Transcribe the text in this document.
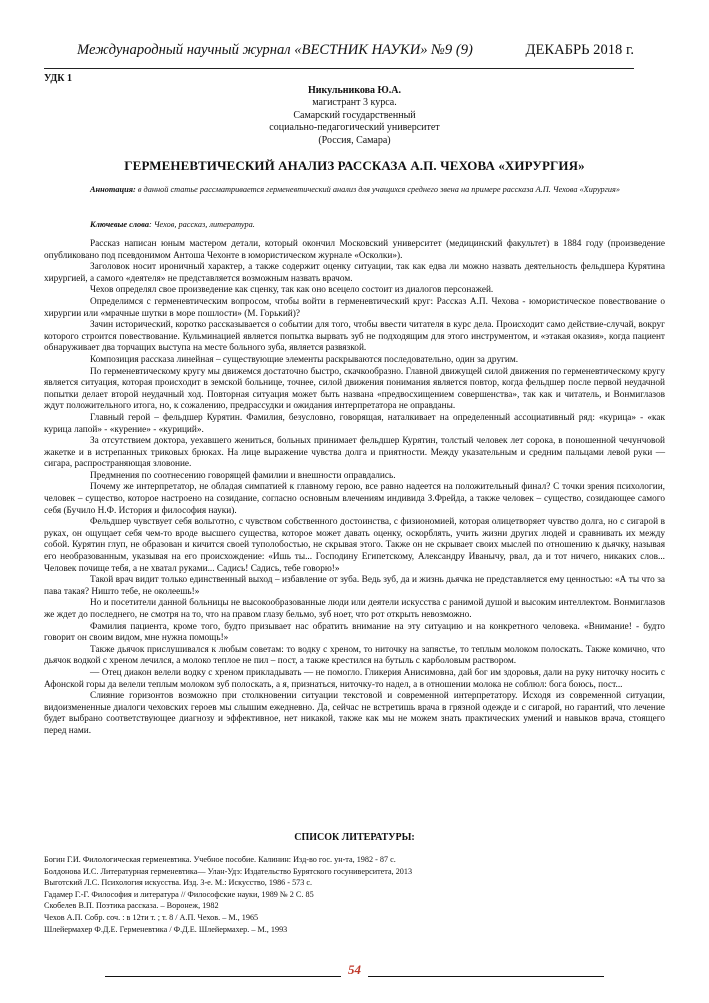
Международный научный журнал «ВЕСТНИК НАУКИ» №9 (9)	ДЕКАБРЬ 2018 г.
УДК 1
Никульникова Ю.А.
магистрант 3 курса.
Самарский государственный
социально-педагогический университет
(Россия, Самара)
ГЕРМЕНЕВТИЧЕСКИЙ АНАЛИЗ РАССКАЗА А.П. ЧЕХОВА «ХИРУРГИЯ»
Аннотация: в данной статье рассматривается герменевтический анализ для учащихся среднего звена на примере рассказа А.П. Чехова «Хирургия»
Ключевые слова: Чехов, рассказ, литература.

Рассказ написан юным мастером детали, который окончил Московский университет (медицинский факультет) в 1884 году (произведение опубликовано под псевдонимом Антоша Чехонте в юмористическом журнале «Осколки»).

Заголовок носит ироничный характер, а также содержит оценку ситуации, так как едва ли можно назвать деятельность фельдшера Курятина хирургией, а самого «деятеля» не представляется возможным назвать врачом.

Чехов определял свое произведение как сценку, так как оно всецело состоит из диалогов персонажей.

Определимся с герменевтическим вопросом, чтобы войти в герменевтический круг: Рассказ А.П. Чехова - юмористическое повествование о хирургии или «мрачные шутки в море пошлости» (М. Горький)?

Зачин исторический, коротко рассказывается о событии для того, чтобы ввести читателя в курс дела. Происходит само действие-случай, вокруг которого строится повествование. Кульминацией является попытка вырвать зуб не подходящим для этого инструментом, и «этакая оказия», когда пациент обнаруживает два торчащих выступа на месте больного зуба, является развязкой.

Композиция рассказа линейная – существующие элементы раскрываются последовательно, один за другим.

По герменевтическому кругу мы движемся достаточно быстро, скачкообразно. Главной движущей силой движения по герменевтическому кругу является ситуация, которая происходит в земской больнице, точнее, силой движения понимания является повтор, когда фельдшер после первой неудачной попытки делает второй неудачный ход. Повторная ситуация может быть названа «предвосхищением совершенства», так как и читатель, и Вонмиглазов ждут положительного итога, но, к сожалению, предрассудки и ожидания интерпретатора не оправданы.

Главный герой – фельдшер Курятин. Фамилия, безусловно, говорящая, наталкивает на определенный ассоциативный ряд: «курица» - «как курица лапой» - «курение» - «куриций».

За отсутствием доктора, уехавшего жениться, больных принимает фельдшер Курятин, толстый человек лет сорока, в поношенной чечунчовой жакетке и в истрепанных триковых брюках. На лице выражение чувства долга и приятности. Между указательным и средним пальцами левой руки — сигара, распространяющая зловоние.

Предмнения по соотнесению говорящей фамилии и внешности оправдались.

Почему же интерпретатор, не обладая симпатией к главному герою, все равно надеется на положительный финал? С точки зрения психологии, человек – существо, которое настроено на созидание, согласно основным влечениям индивида З.Фрейда, а также человек – существо, созидающее самого себя (Бучило Н.Ф. История и философия науки).

Фельдшер чувствует себя вольготно, с чувством собственного достоинства, с физиономией, которая олицетворяет чувство долга, но с сигарой в руках, он ощущает себя чем-то вроде высшего существа, которое может давать оценку, оскорблять, учить жизни других людей и сравнивать их между собой. Курятин глуп, не образован и кичится своей туполобостью, не скрывая этого. Также он не скрывает своих мыслей по отношению к дьячку, называя его необразованным, указывая на его происхождение: «Ишь ты... Господину Египетскому, Александру Иванычу, рвал, да и тот ничего, никаких слов... Человек почище тебя, а не хватал руками... Садись! Садись, тебе говорю!»

Такой врач видит только единственный выход – избавление от зуба. Ведь зуб, да и жизнь дьячка не представляется ему ценностью: «А ты что за пава такая? Ништо тебе, не околеешь!»

Но и посетители данной больницы не высокообразованные люди или деятели искусства с ранимой душой и высоким интеллектом. Вонмиглазов же ждет до последнего, не смотря на то, что на правом глазу бельмо, зуб ноет, что рот открыть невозможно.

Фамилия пациента, кроме того, будто призывает нас обратить внимание на эту ситуацию и на конкретного человека. «Внимание! - будто говорит он своим видом, мне нужна помощь!»

Также дьячок прислушивался к любым советам: то водку с хреном, то ниточку на запястье, то теплым молоком полоскать. Также комично, что дьячок водкой с хреном лечился, а молоко теплое не пил – пост, а также крестился на бутыль с карболовым раствором.

— Отец диакон велели водку с хреном прикладывать — не помогло. Гликерия Анисимовна, дай бог им здоровья, дали на руку ниточку носить с Афонской горы да велели теплым молоком зуб полоскать, а я, признаться, ниточку-то надел, а в отношении молока не соблюл: бога боюсь, пост...

Слияние горизонтов возможно при столкновении ситуации текстовой и современной интерпретатору. Исходя из современной ситуации, видоизмененные диалоги чеховских героев мы слышим ежедневно. Да, сейчас не встретишь врача в грязной одежде и с сигарой, но гарантий, что лечение будет выбрано соответствующее диагнозу и эффективное, нет никакой, также как мы не можем знать практических умений и навыков врача, стоящего перед нами.

СПИСОК ЛИТЕРАТУРЫ:
Богин Г.И. Филологическая герменевтика. Учебное пособие. Калинин: Изд-во гос. ун-та, 1982 - 87 с.
Болдонова И.С. Литературная герменевтика— Улан-Удэ: Издательство Бурятского госуниверситета, 2013
Выготский Л.С. Психология искусства. Изд. 3-е. М.: Искусство, 1986 - 573 с.
Гадамер Г.-Г. Философия и литература // Философские науки, 1989 № 2 С. 85
Скобелев В.П. Поэтика рассказа. – Воронеж, 1982
Чехов А.П. Собр. соч. : в 12ти т. ; т. 8 / А.П. Чехов. – М., 1965
Шлейермахер Ф.Д.Е. Герменевтика / Ф.Д.Е. Шлейермахер. – М., 1993
54
